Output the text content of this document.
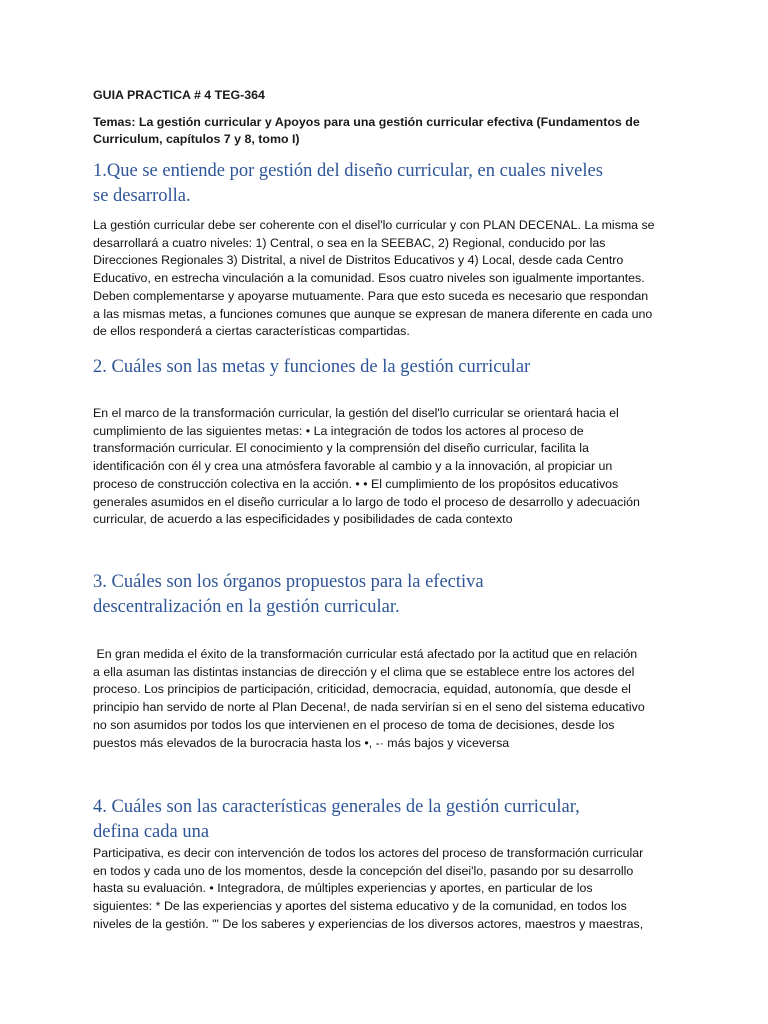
GUIA PRACTICA # 4 TEG-364
Temas: La gestión curricular y Apoyos para una gestión curricular efectiva (Fundamentos de
Curriculum, capítulos 7 y 8, tomo I)
1.Que se entiende por gestión del diseño curricular, en cuales niveles
se desarrolla.
La gestión curricular debe ser coherente con el disel'lo curricular y con PLAN DECENAL. La misma se
desarrollará a cuatro niveles: 1) Central, o sea en la SEEBAC, 2) Regional, conducido por las
Direcciones Regionales 3) Distrital, a nivel de Distritos Educativos y 4) Local, desde cada Centro
Educativo, en estrecha vinculación a la comunidad. Esos cuatro niveles son igualmente importantes.
Deben complementarse y apoyarse mutuamente. Para que esto suceda es necesario que respondan
a las mismas metas, a funciones comunes que aunque se expresan de manera diferente en cada uno
de ellos responderá a ciertas características compartidas.
2. Cuáles son las metas y funciones de la gestión curricular
En el marco de la transformación curricular, la gestión del disel'lo curricular se orientará hacia el
cumplimiento de las siguientes metas: • La integración de todos los actores al proceso de
transformación curricular. El conocimiento y la comprensión del diseño curricular, facilita la
identificación con él y crea una atmósfera favorable al cambio y a la innovación, al propiciar un
proceso de construcción colectiva en la acción. • • El cumplimiento de los propósitos educativos
generales asumidos en el diseño curricular a lo largo de todo el proceso de desarrollo y adecuación
curricular, de acuerdo a las especificidades y posibilidades de cada contexto
3. Cuáles son los órganos propuestos para la efectiva
descentralización en la gestión curricular.
En gran medida el éxito de la transformación curricular está afectado por la actitud que en relación
a ella asuman las distintas instancias de dirección y el clima que se establece entre los actores del
proceso. Los principios de participación, criticidad, democracia, equidad, autonomía, que desde el
principio han servido de norte al Plan Decena!, de nada servirían si en el seno del sistema educativo
no son asumidos por todos los que intervienen en el proceso de toma de decisiones, desde los
puestos más elevados de la burocracia hasta los •, -· más bajos y viceversa
4. Cuáles son las características generales de la gestión curricular,
defina cada una
Participativa, es decir con intervención de todos los actores del proceso de transformación curricular
en todos y cada uno de los momentos, desde la concepción del disei'lo, pasando por su desarrollo
hasta su evaluación. • Integradora, de múltiples experiencias y aportes, en particular de los
siguientes: * De las experiencias y aportes del sistema educativo y de la comunidad, en todos los
niveles de la gestión. "' De los saberes y experiencias de los diversos actores, maestros y maestras,
